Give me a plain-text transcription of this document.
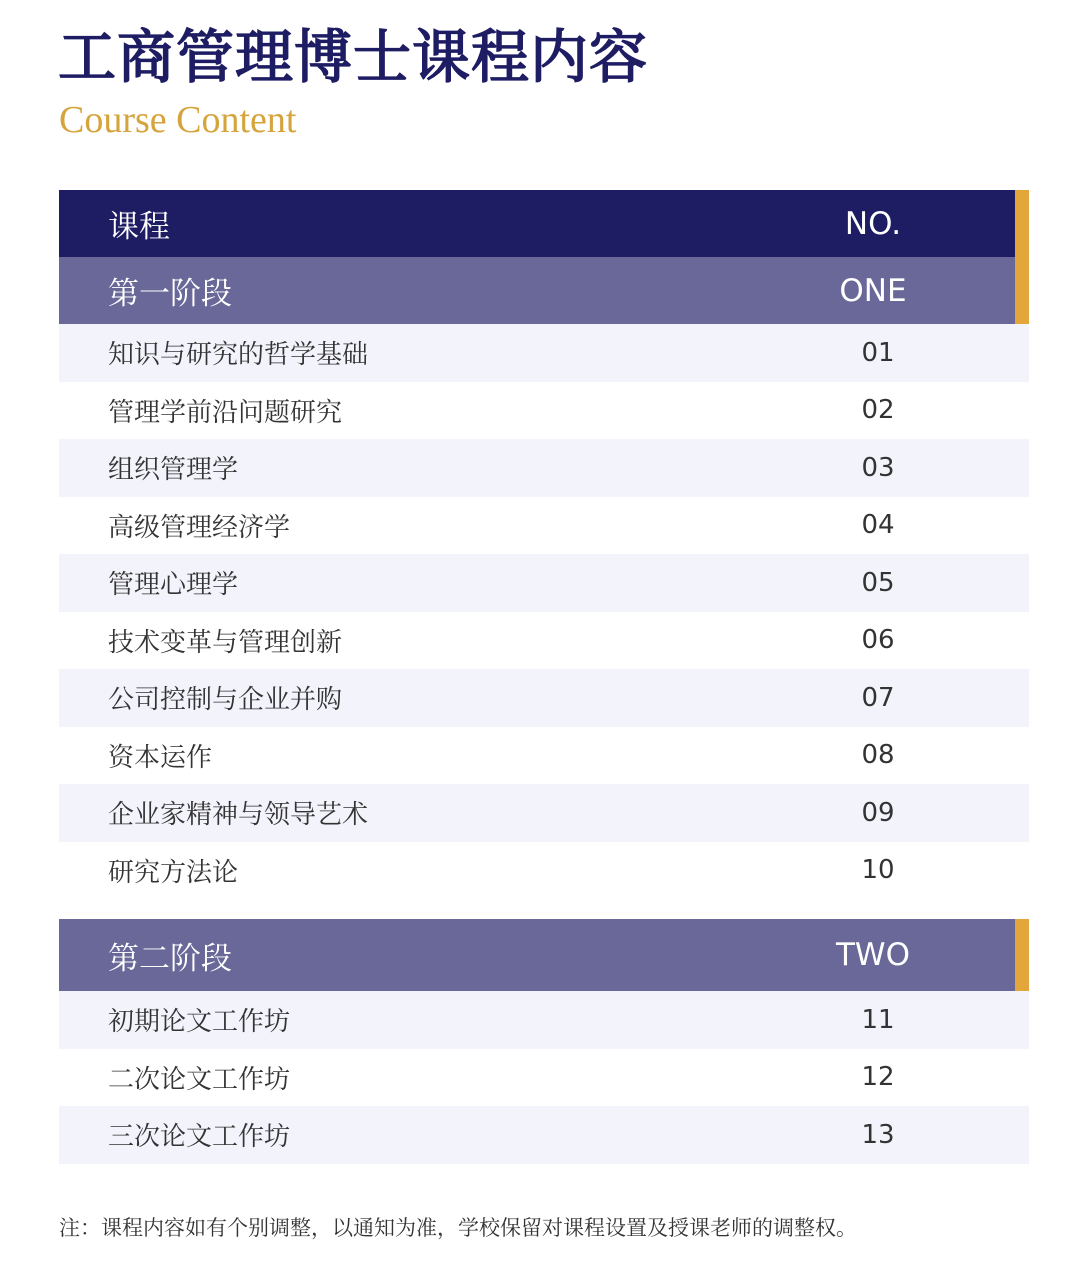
工商管理博士课程内容
Course Content
课程	NO.
第一阶段	ONE
知识与研究的哲学基础	01
管理学前沿问题研究	02
组织管理学	03
高级管理经济学	04
管理心理学	05
技术变革与管理创新	06
公司控制与企业并购	07
资本运作	08
企业家精神与领导艺术	09
研究方法论	10
第二阶段	TWO
初期论文工作坊	11
二次论文工作坊	12
三次论文工作坊	13
注：课程内容如有个别调整，以通知为准，学校保留对课程设置及授课老师的调整权。
